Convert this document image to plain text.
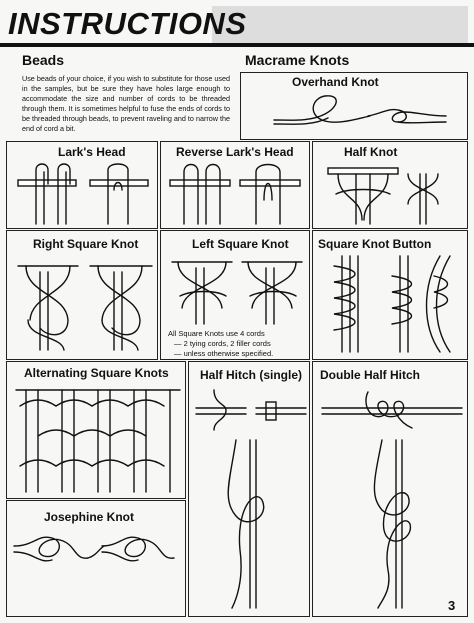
INSTRUCTIONS
Beads
Use beads of your choice, if you wish to substitute for those used in the samples, but be sure they have holes large enough to accommodate the size and number of cords to be threaded through them. It is sometimes helpful to fuse the ends of cords to be threaded through beads, to prevent raveling and to narrow the end of cord a bit.
Macrame Knots
Overhand Knot
Lark's Head	Reverse Lark's Head	Half Knot
Right Square Knot	Left Square Knot
All Square Knots use 4 cords
— 2 tying cords, 2 filler cords
— unless otherwise specified.
Square Knot Button
Alternating Square Knots	Half Hitch (single) Double Half Hitch
Josephine Knot
3
